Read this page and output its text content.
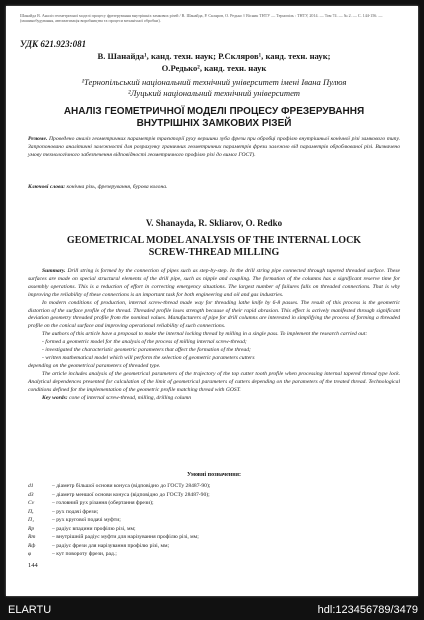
Шанайда В. Аналіз геометричної моделі процесу фрезерування внутрішніх замкових різей / В. Шанайда, Р. Скляров, О. Редько // Вісник ТНТУ — Тернопіль : ТНТУ, 2014. — Том 74. — № 2. — С. 144-156. — (машинобудування, автоматизація виробництва та процеси механічної обробки).
УДК 621.923:081
В. Шанайда¹, канд. техн. наук; Р.Скляров¹, канд. техн. наук;
О.Редько², канд. техн. наук
¹Тернопільський національний технічний університет імені Івана Пулюя
²Луцький національний технічний університет
АНАЛІЗ ГЕОМЕТРИЧНОЇ МОДЕЛІ ПРОЦЕСУ ФРЕЗЕРУВАННЯ
ВНУТРІШНІХ ЗАМКОВИХ РІЗЕЙ
Резюме. Проведено аналіз геометричних параметрів траєкторії руху вершини зуба фрези при обробці профілю внутрішньої конічної різі замкового типу. Запропоновано аналітичні залежності для розрахунку граничних геометричних параметрів фрези залежно від параметрів оброблюваної різі. Визначено умову технологічного забезпечення відповідності геометричного профілю різі до вимог ГОСТ).
Ключові слова: конічна різь, фрезерування, бурова колона.
V. Shanayda, R. Skliarov, O. Redko
GEOMETRICAL MODEL ANALYSIS OF THE INTERNAL LOCK
SCREW-THREAD MILLING

Summary. Drill string is formed by the connection of pipes such as step-by-step. In the drill string pipe connected through tapered threaded surface. These surfaces are made on special structural elements of the drill pipe, such as nipple and coupling. The formation of the columns has a significant reserve time for assembly operations. This is a reduction of effort in correcting emergency situations. The largest number of failures falls on threaded connections. That is why improving the reliability of these connections is an important task for both engineering and oil and gas industries.

In modern conditions of production, internal screw-thread made way for threading lathe knife by 6-8 passes. The result of this process is the geometric distortion of the surface profile of the thread. Threaded profile loses strength because of their rapid abrasion. This effect is actively manifested through significant deviation geometry threaded profile from the nominal values. Manufacturers of pipe for drill columns are interested in simplifying the process of forming a threaded profile on the conical surface and improving operational reliability of such connections.

The authors of this article have a proposal to make the internal locking thread by milling in a single pass. To implement the research carried out:

- formed a geometric model for the analysis of the process of milling internal screw-thread;

- investigated the characteristic geometric parameters that affect the formation of the thread;

- written mathematical model which will perform the selection of geometric parameters cutters

depending on the geometrical parameters of threaded type.

The article includes analysis of the geometrical parameters of the trajectory of the top cutter tooth profile when processing internal tapered thread type lock. Analytical dependences presented for calculation of the limit of geometrical parameters of cutters depending on the parameters of the treated thread. Technological conditions defined for the implementation of the geometric profile matching thread with GOST.

Key words: cone of internal screw-thread, milling, drilling column

Умовні позначення:
d1	– діаметр більшої основи конуса (відповідно до ГОСТу 28487-90);
d3	– діаметр меншої основи конуса (відповідно до ГОСТу 28487-90);
Cv	– головний рух різання (обертання фрези);
Пₓ	– рух подачі фрези;
П₁	– рух кругової подачі муфти;
Rp	– радіус впадини профілю різі, мм;
Rm	– внутрішній радіус муфти для нарізування профілю різі, мм;
Rф	– радіус фрези для нарізування профілю різі, мм;
φ	– кут повороту фрези, рад.;
144
ELARTU	hdl:123456789/3479
